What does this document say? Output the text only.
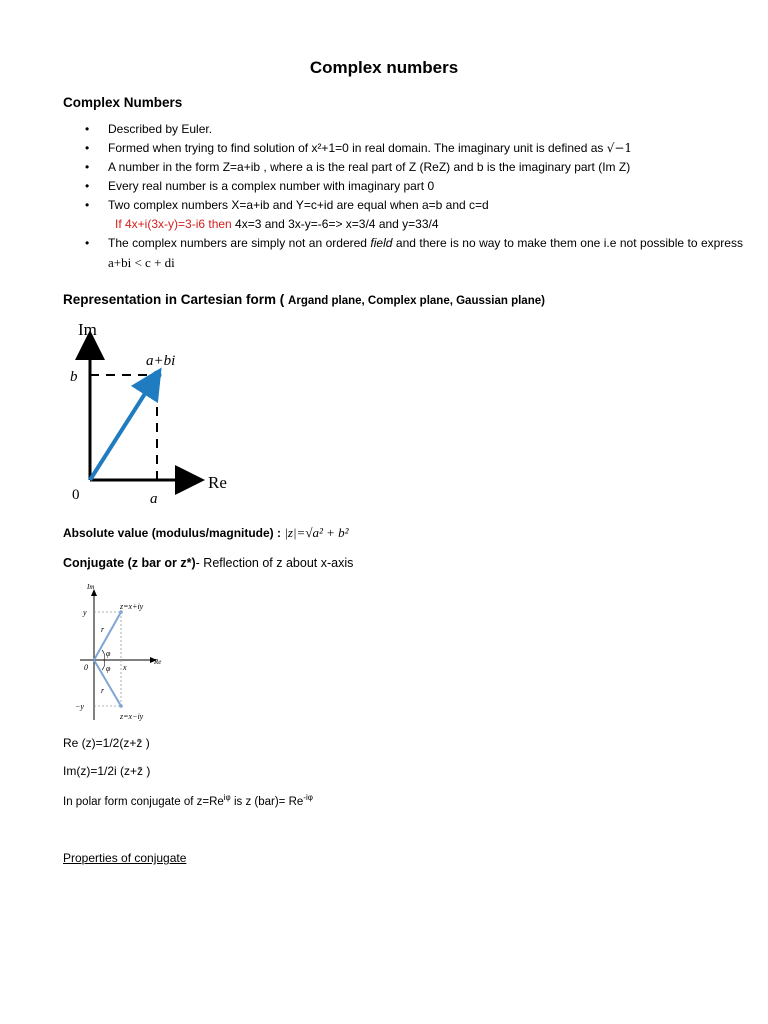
Complex numbers
Complex Numbers
• Described by Euler.
• Formed when trying to find solution of x²+1=0 in real domain. The imaginary unit is defined as √−1
• A number in the form Z=a+ib , where a is the real part of Z (ReZ) and b is the imaginary part (Im Z)
• Every real number is a complex number with imaginary part 0
• Two complex numbers X=a+ib and Y=c+id are equal when a=b and c=d
If 4x+i(3x-y)=3-i6 then 4x=3 and 3x-y=-6=> x=3/4 and y=33/4
• The complex numbers are simply not an ordered field and there is no way to make them one i.e not possible to express a+bi < c + di
Representation in Cartesian form ( Argand plane, Complex plane, Gaussian plane)
Im
Re
a+bi
b
a
0
Absolute value (modulus/magnitude) : |z|=√a² + b²
Conjugate (z bar or z*)- Reflection of z about x-axis
Im
Re
z=x+iy
z=x−iy
y
−y
r
r
φ
φ
0	x
Re (z)=1/2(z+z̄ )
Im(z)=1/2i (z+z̄ )
In polar form conjugate of $z=Re^{i\varphi}$ is z $(bar)= Re^{-i\varphi}$
Properties of conjugate
